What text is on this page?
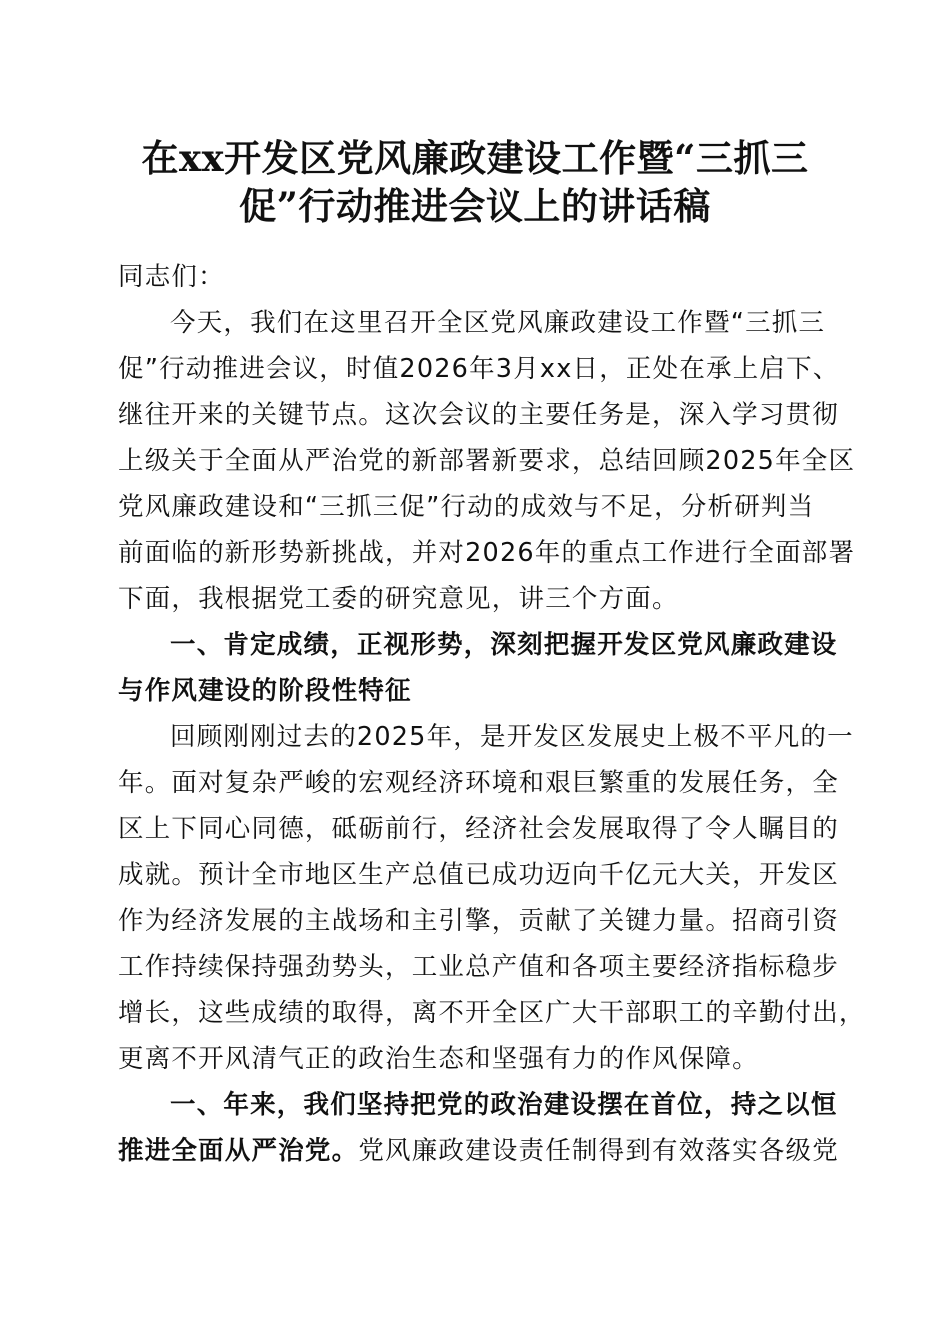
在xx开发区党风廉政建设工作暨“三抓三
促”行动推进会议上的讲话稿
同志们：
今天，我们在这里召开全区党风廉政建设工作暨“三抓三
促”行动推进会议，时值2026年3月xx日，正处在承上启下、
继往开来的关键节点。这次会议的主要任务是，深入学习贯彻
上级关于全面从严治党的新部署新要求，总结回顾2025年全区
党风廉政建设和“三抓三促”行动的成效与不足，分析研判当
前面临的新形势新挑战，并对2026年的重点工作进行全面部署
下面，我根据党工委的研究意见，讲三个方面。
一、肯定成绩，正视形势，深刻把握开发区党风廉政建设
与作风建设的阶段性特征
回顾刚刚过去的2025年，是开发区发展史上极不平凡的一
年。面对复杂严峻的宏观经济环境和艰巨繁重的发展任务，全
区上下同心同德，砥砺前行，经济社会发展取得了令人瞩目的
成就。预计全市地区生产总值已成功迈向千亿元大关，开发区
作为经济发展的主战场和主引擎，贡献了关键力量。招商引资
工作持续保持强劲势头，工业总产值和各项主要经济指标稳步
增长，这些成绩的取得，离不开全区广大干部职工的辛勤付出，
更离不开风清气正的政治生态和坚强有力的作风保障。
一、年来，我们坚持把党的政治建设摆在首位，持之以恒
推进全面从严治党。党风廉政建设责任制得到有效落实各级党
